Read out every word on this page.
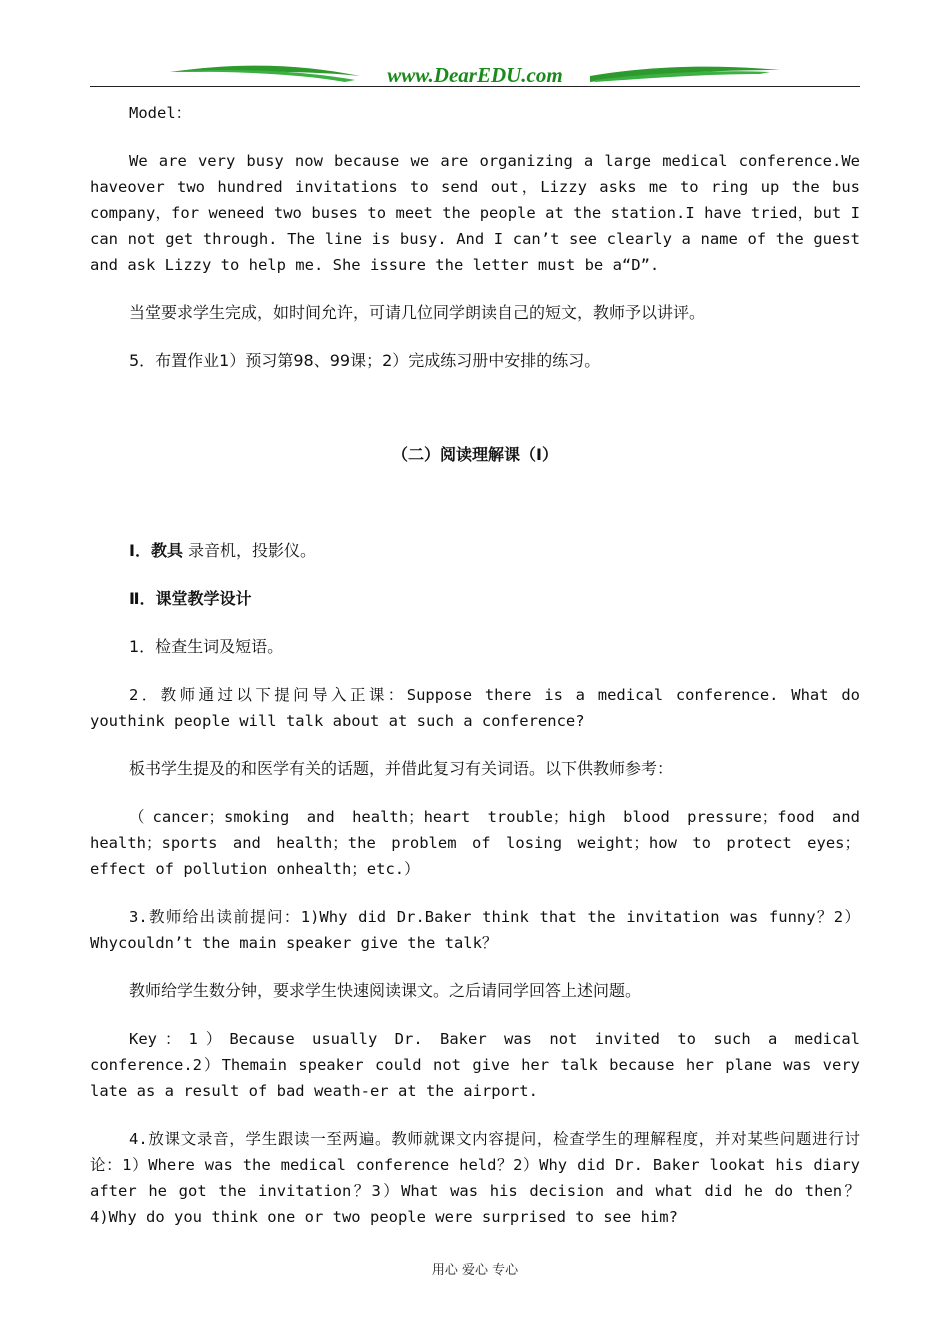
www.DearEDU.com

Model：

We are very busy now because we are organizing a large medical conference.We haveover two hundred invitations to send out，Lizzy asks me to ring up the bus company，for weneed two buses to meet the people at the station.I have tried，but I can not get through. The line is busy. And I can’t see clearly a name of the guest and ask Lizzy to help me. She issure the letter must be a“D”.

当堂要求学生完成，如时间允许，可请几位同学朗读自己的短文，教师予以讲评。

5．布置作业1）预习第98、99课；2）完成练习册中安排的练习。

（二）阅读理解课（Ⅰ）

Ⅰ．教具 录音机，投影仪。

Ⅱ．课堂教学设计

1．检查生词及短语。

2．教师通过以下提问导入正课：Suppose there is a medical conference. What do youthink people will talk about at such a conference?

板书学生提及的和医学有关的话题，并借此复习有关词语。以下供教师参考：

（cancer；smoking and health；heart trouble；high blood pressure；food and health；sports and health；the problem of losing weight；how to protect eyes；effect of pollution onhealth；etc.）

3.教师给出读前提问：1)Why did Dr.Baker think that the invitation was funny？2）Whycouldn’t the main speaker give the talk？

教师给学生数分钟，要求学生快速阅读课文。之后请同学回答上述问题。

Key：1）Because usually Dr. Baker was not invited to such a medical conference.2）Themain speaker could not give her talk because her plane was very late as a result of bad weath-er at the airport.

4.放课文录音，学生跟读一至两遍。教师就课文内容提问，检查学生的理解程度，并对某些问题进行讨论：1）Where was the medical conference held？2）Why did Dr. Baker lookat his diary after he got the invitation？3）What was his decision and what did he do then？4)Why do you think one or two people were surprised to see him?

用心 爱心 专心
